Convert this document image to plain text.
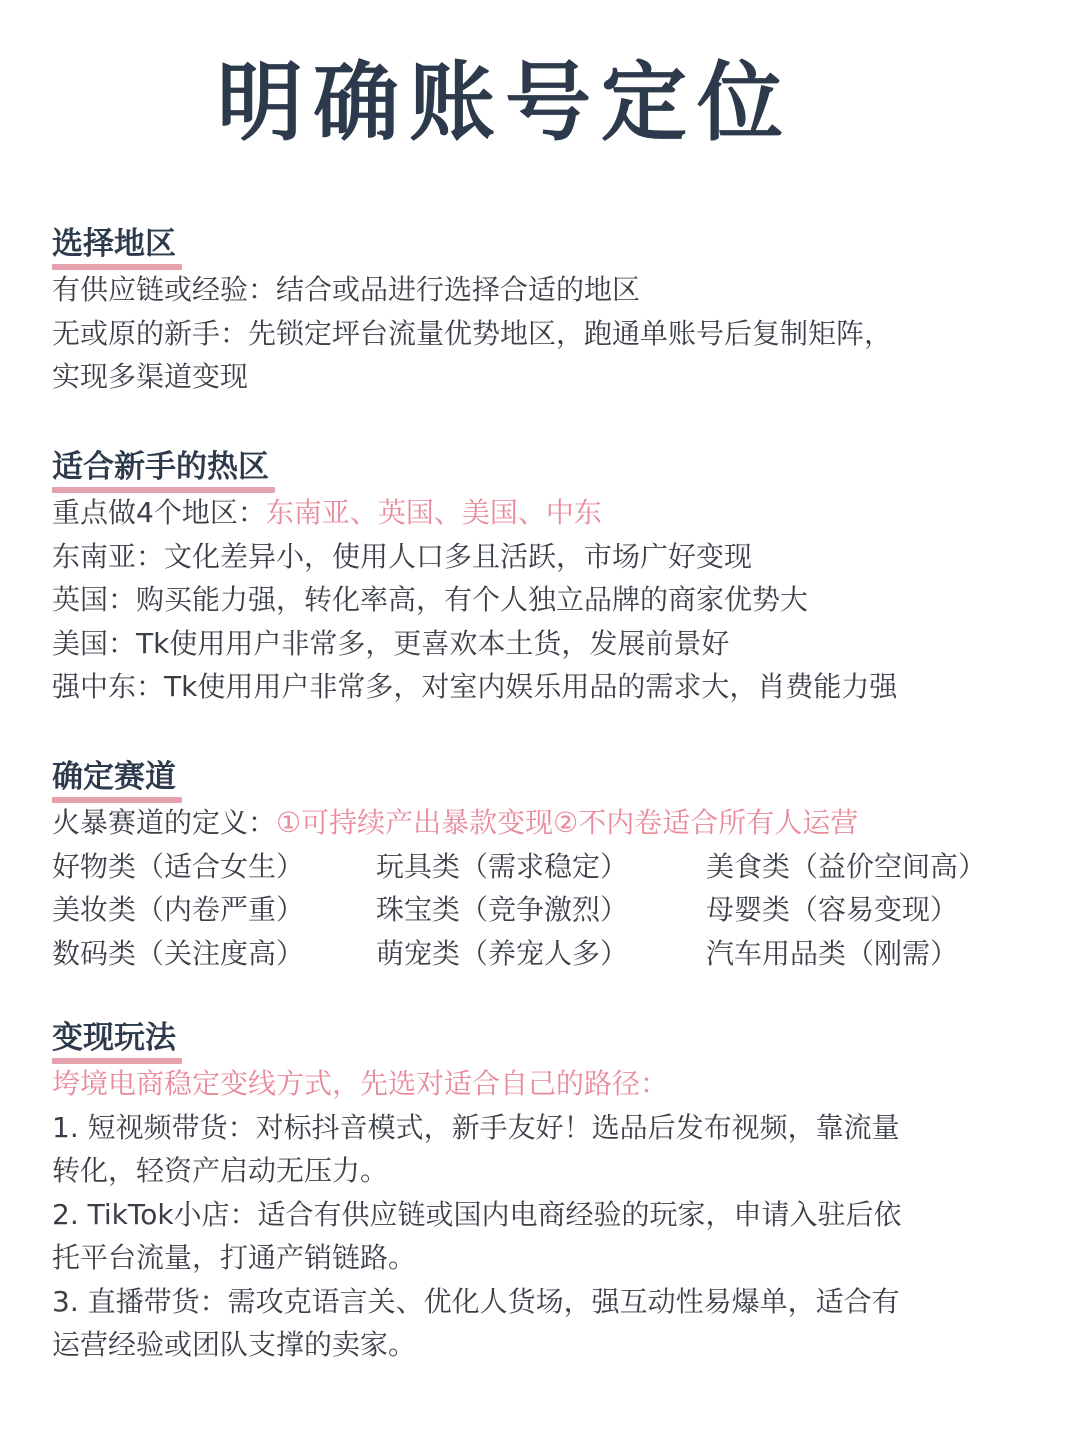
明确账号定位
选择地区
有供应链或经验：结合或品进行选择合适的地区
无或原的新手：先锁定坪台流量优势地区，跑通单账号后复制矩阵，
实现多渠道变现
适合新手的热区
重点做4个地区：东南亚、英国、美国、中东
东南亚：文化差异小，使用人口多且活跃，市场广好变现
英国：购买能力强，转化率高，有个人独立品牌的商家优势大
美国：Tk使用用户非常多，更喜欢本土货，发展前景好
强中东：Tk使用用户非常多，对室内娱乐用品的需求大，肖费能力强
确定赛道
火暴赛道的定义：①可持续产出暴款变现②不内卷适合所有人运营
好物类（适合女生）	玩具类（需求稳定）	美食类（益价空间高）
美妆类（内卷严重）	珠宝类（竞争激烈）	母婴类（容易变现）
数码类（关注度高）	萌宠类（养宠人多）	汽车用品类（刚需）
变现玩法
垮境电商稳定变线方式，先选对适合自己的路径：
1. 短视频带货：对标抖音模式，新手友好！选品后发布视频，靠流量
转化，轻资产启动无压力。
2. TikTok小店：适合有供应链或国内电商经验的玩家，申请入驻后依
托平台流量，打通产销链路。
3. 直播带货：需攻克语言关、优化人货场，强互动性易爆单，适合有
运营经验或团队支撑的卖家。
